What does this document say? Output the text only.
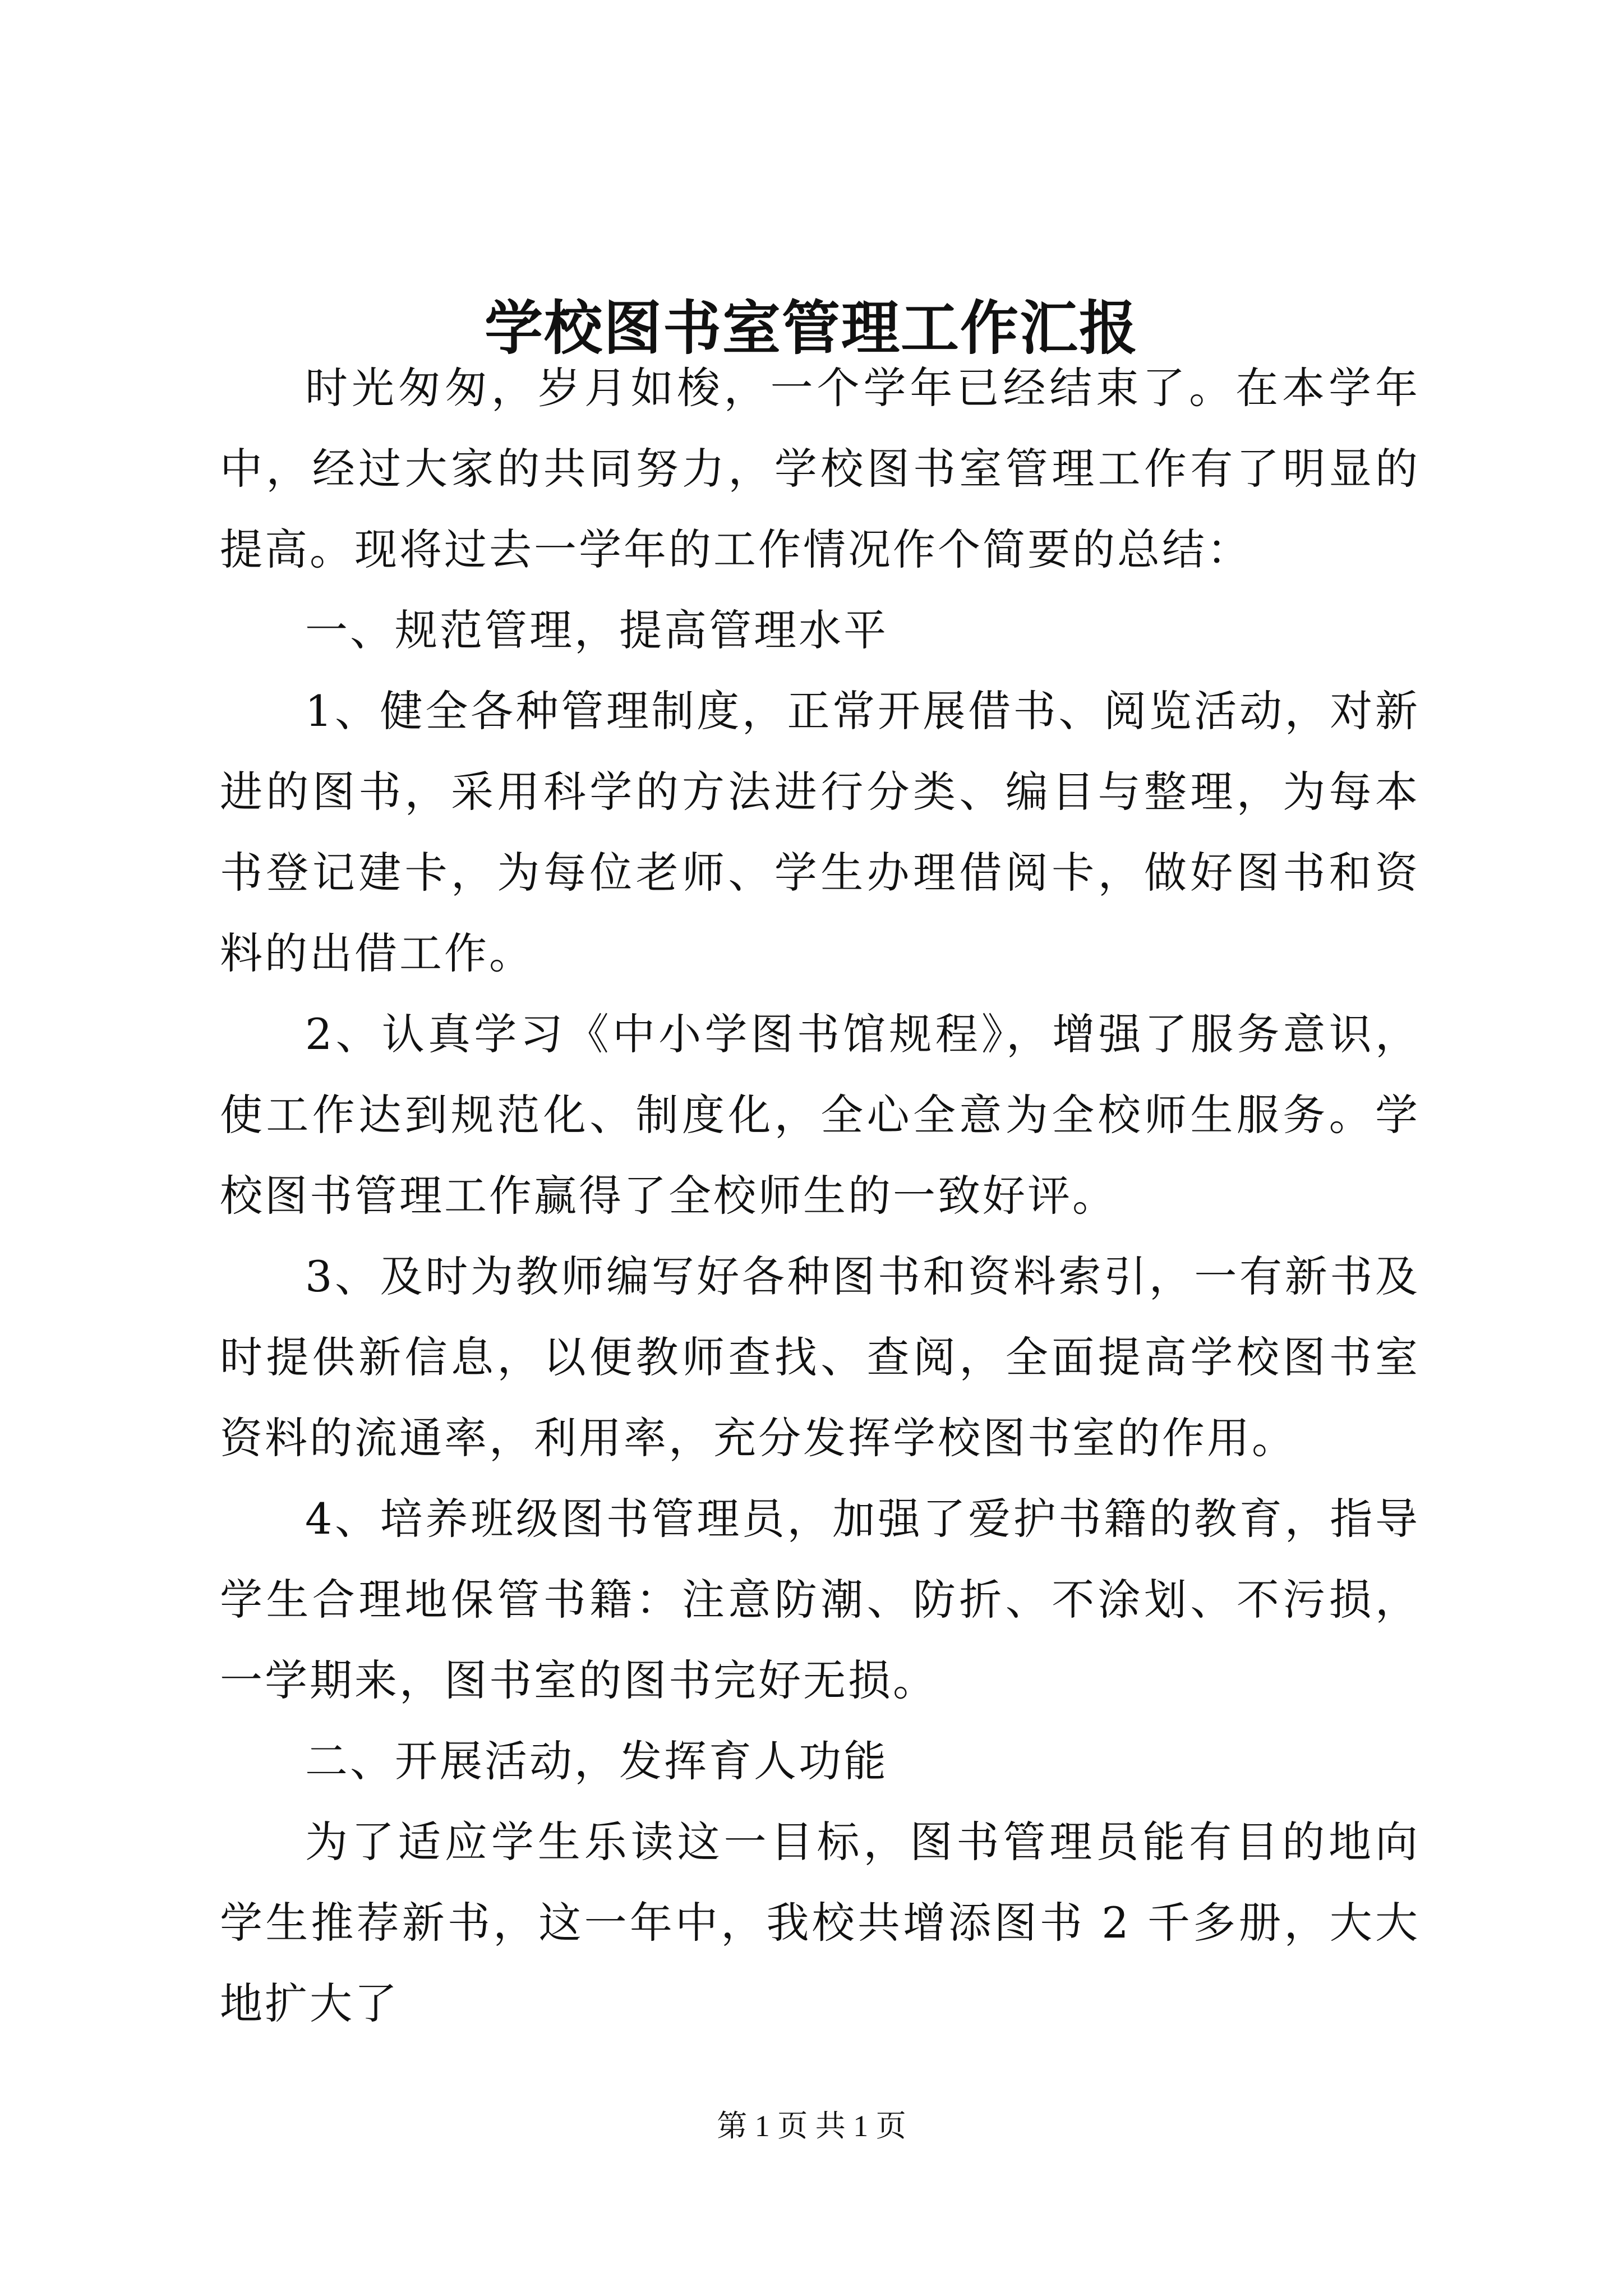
学校图书室管理工作汇报

时光匆匆，岁月如梭，一个学年已经结束了。在本学年中，经过大家的共同努力，学校图书室管理工作有了明显的提高。现将过去一学年的工作情况作个简要的总结：

一、规范管理，提高管理水平

1、健全各种管理制度，正常开展借书、阅览活动，对新进的图书，采用科学的方法进行分类、编目与整理，为每本书登记建卡，为每位老师、学生办理借阅卡，做好图书和资料的出借工作。

2、认真学习《中小学图书馆规程》，增强了服务意识，使工作达到规范化、制度化，全心全意为全校师生服务。学校图书管理工作赢得了全校师生的一致好评。

3、及时为教师编写好各种图书和资料索引，一有新书及时提供新信息，以便教师查找、查阅，全面提高学校图书室资料的流通率，利用率，充分发挥学校图书室的作用。

4、培养班级图书管理员，加强了爱护书籍的教育，指导学生合理地保管书籍：注意防潮、防折、不涂划、不污损，一学期来，图书室的图书完好无损。

二、开展活动，发挥育人功能

为了适应学生乐读这一目标，图书管理员能有目的地向学生推荐新书，这一年中，我校共增添图书 2 千多册，大大地扩大了

第 1 页 共 1 页
